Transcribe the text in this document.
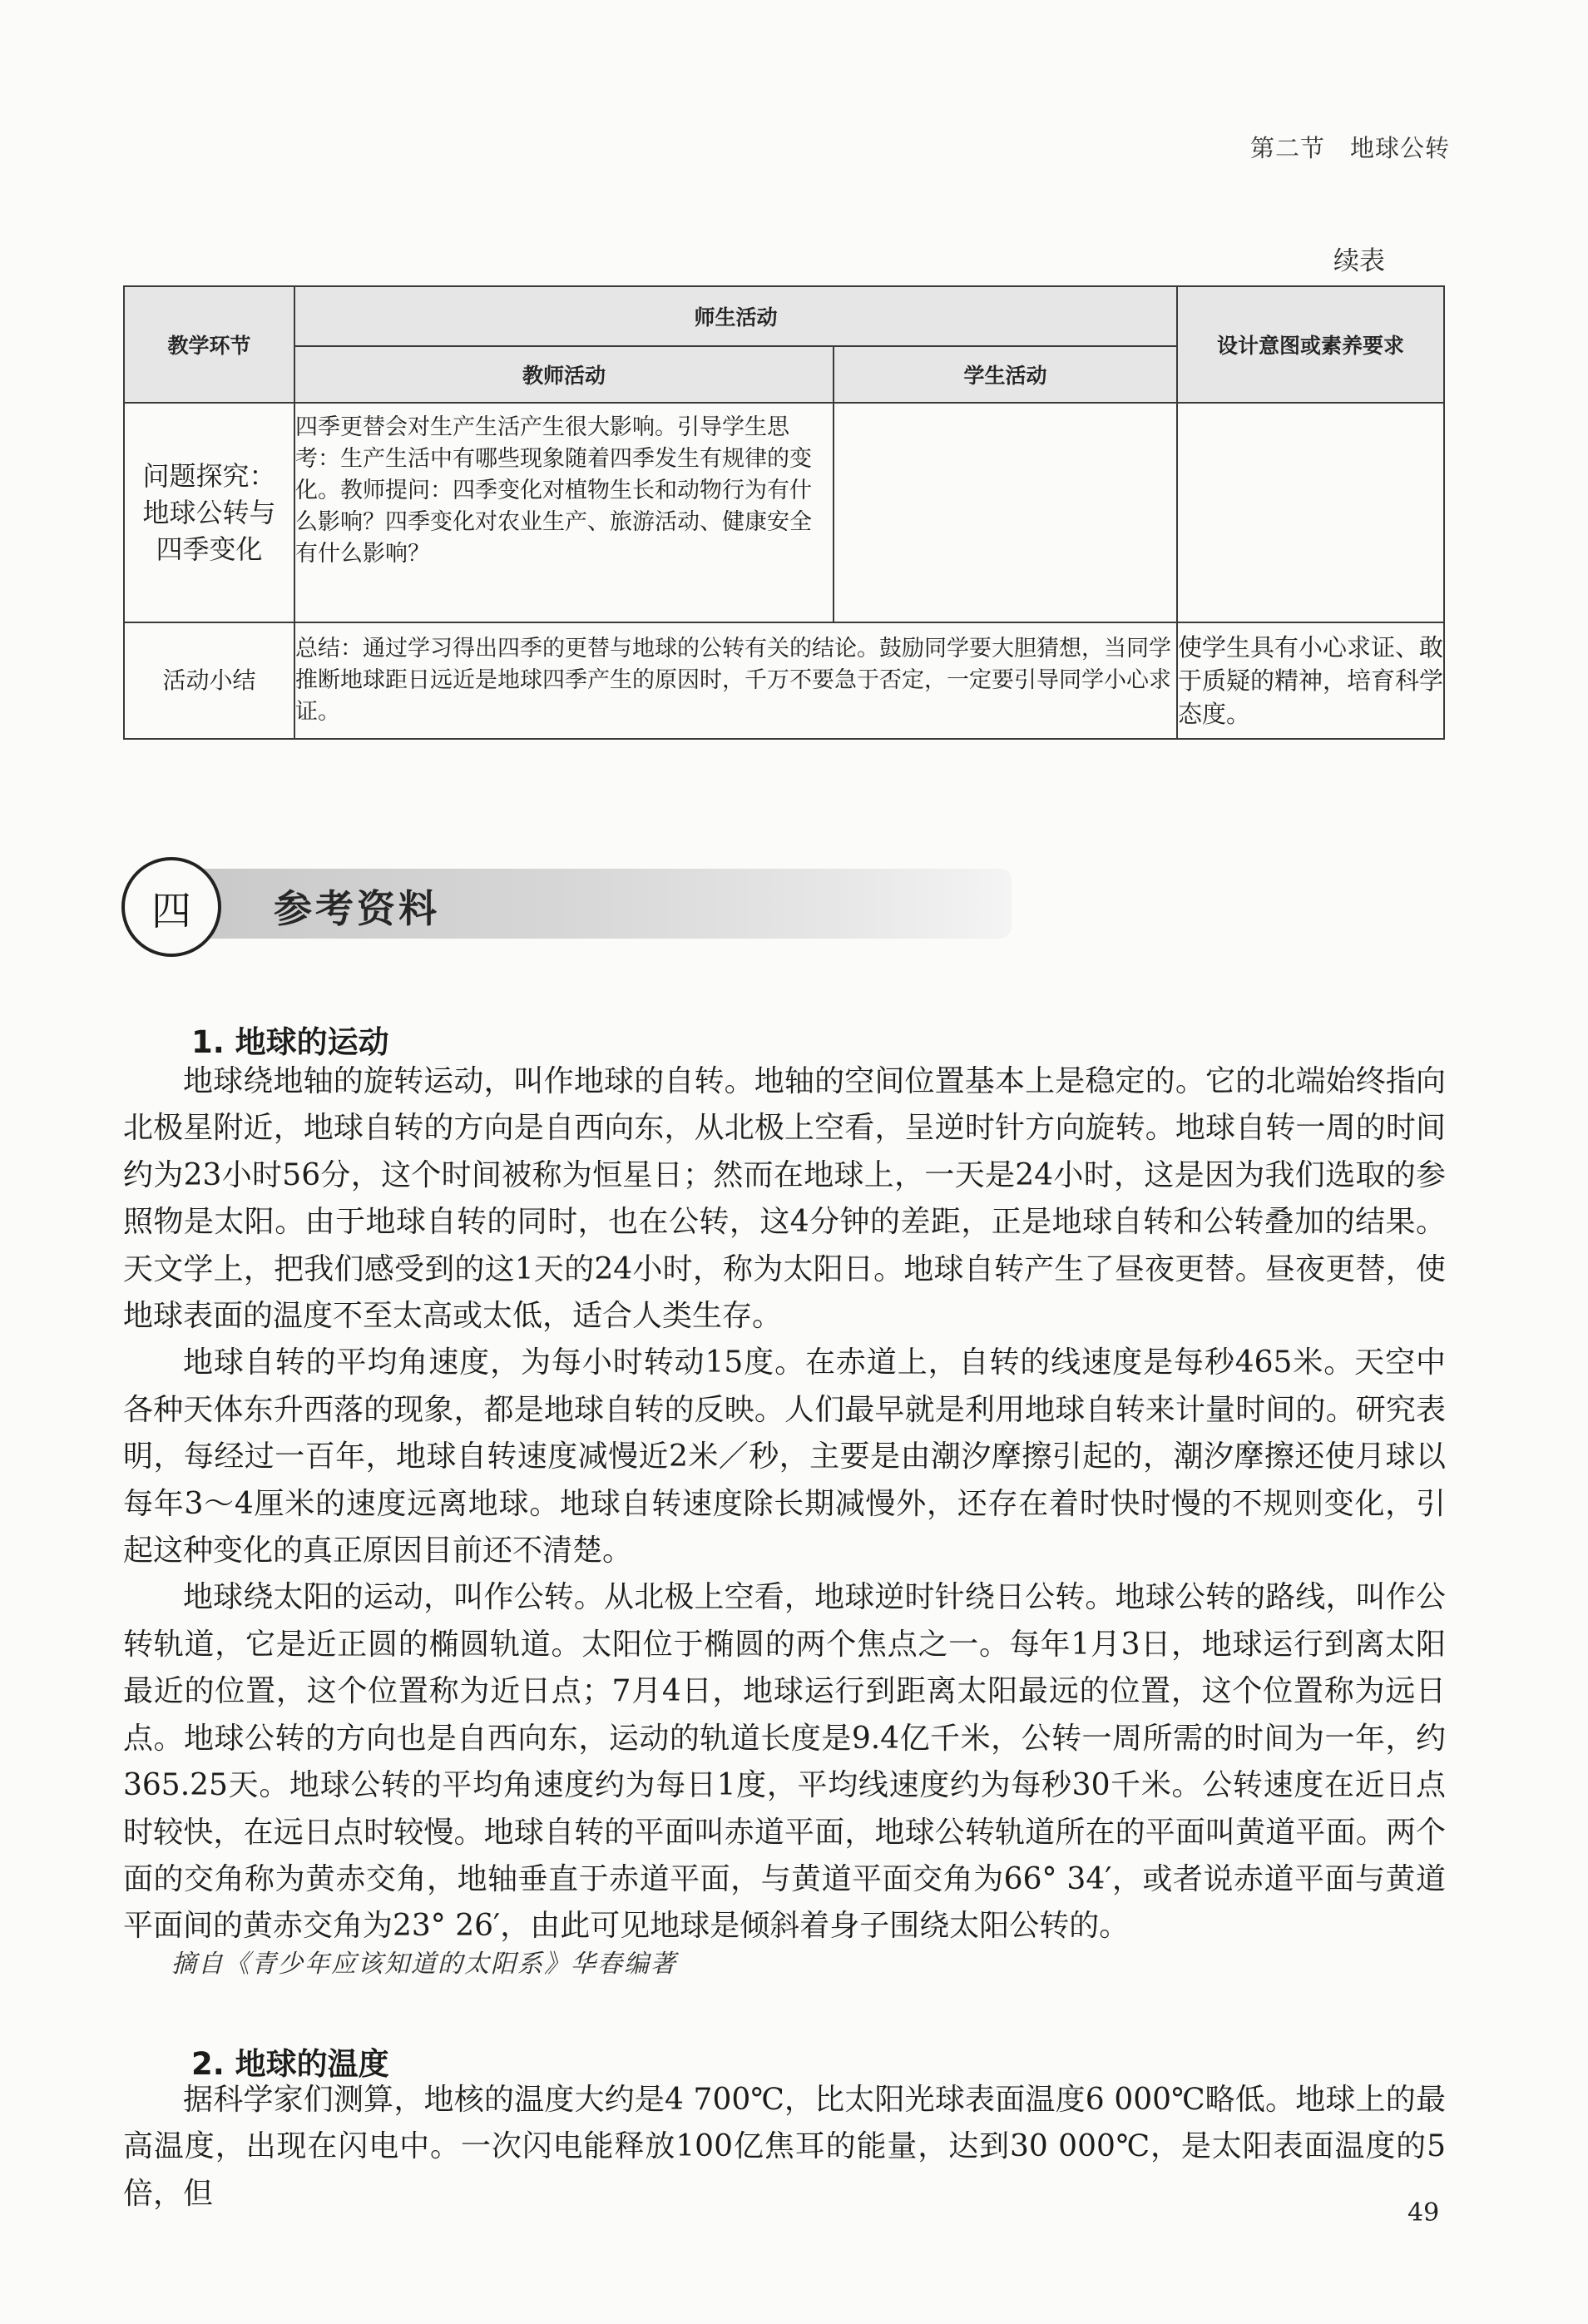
第二节　地球公转
续表
教学环节	师生活动		设计意图或素养要求
	教师活动	学生活动	
问题探究：地球公转与四季变化	四季更替会对生产生活产生很大影响。引导学生思考：生产生活中有哪些现象随着四季发生有规律的变化。教师提问：四季变化对植物生长和动物行为有什么影响？四季变化对农业生产、旅游活动、健康安全有什么影响？		
活动小结	总结：通过学习得出四季的更替与地球的公转有关的结论。鼓励同学要大胆猜想，当同学推断地球距日远近是地球四季产生的原因时，千万不要急于否定，一定要引导同学小心求证。		使学生具有小心求证、敢于质疑的精神，培育科学态度。
四	参考资料
1. 地球的运动

地球绕地轴的旋转运动，叫作地球的自转。地轴的空间位置基本上是稳定的。它的北端始终指向北极星附近，地球自转的方向是自西向东，从北极上空看，呈逆时针方向旋转。地球自转一周的时间约为23小时56分，这个时间被称为恒星日；然而在地球上，一天是24小时，这是因为我们选取的参照物是太阳。由于地球自转的同时，也在公转，这4分钟的差距，正是地球自转和公转叠加的结果。天文学上，把我们感受到的这1天的24小时，称为太阳日。地球自转产生了昼夜更替。昼夜更替，使地球表面的温度不至太高或太低，适合人类生存。

地球自转的平均角速度，为每小时转动15度。在赤道上，自转的线速度是每秒465米。天空中各种天体东升西落的现象，都是地球自转的反映。人们最早就是利用地球自转来计量时间的。研究表明，每经过一百年，地球自转速度减慢近2米／秒，主要是由潮汐摩擦引起的，潮汐摩擦还使月球以每年3～4厘米的速度远离地球。地球自转速度除长期减慢外，还存在着时快时慢的不规则变化，引起这种变化的真正原因目前还不清楚。

地球绕太阳的运动，叫作公转。从北极上空看，地球逆时针绕日公转。地球公转的路线，叫作公转轨道，它是近正圆的椭圆轨道。太阳位于椭圆的两个焦点之一。每年1月3日，地球运行到离太阳最近的位置，这个位置称为近日点；7月4日，地球运行到距离太阳最远的位置，这个位置称为远日点。地球公转的方向也是自西向东，运动的轨道长度是9.4亿千米，公转一周所需的时间为一年，约365.25天。地球公转的平均角速度约为每日1度，平均线速度约为每秒30千米。公转速度在近日点时较快，在远日点时较慢。地球自转的平面叫赤道平面，地球公转轨道所在的平面叫黄道平面。两个面的交角称为黄赤交角，地轴垂直于赤道平面，与黄道平面交角为66° 34′，或者说赤道平面与黄道平面间的黄赤交角为23° 26′，由此可见地球是倾斜着身子围绕太阳公转的。

摘自《青少年应该知道的太阳系》华春编著
2. 地球的温度

据科学家们测算，地核的温度大约是4 700℃，比太阳光球表面温度6 000℃略低。地球上的最高温度，出现在闪电中。一次闪电能释放100亿焦耳的能量，达到30 000℃，是太阳表面温度的5倍，但

49
